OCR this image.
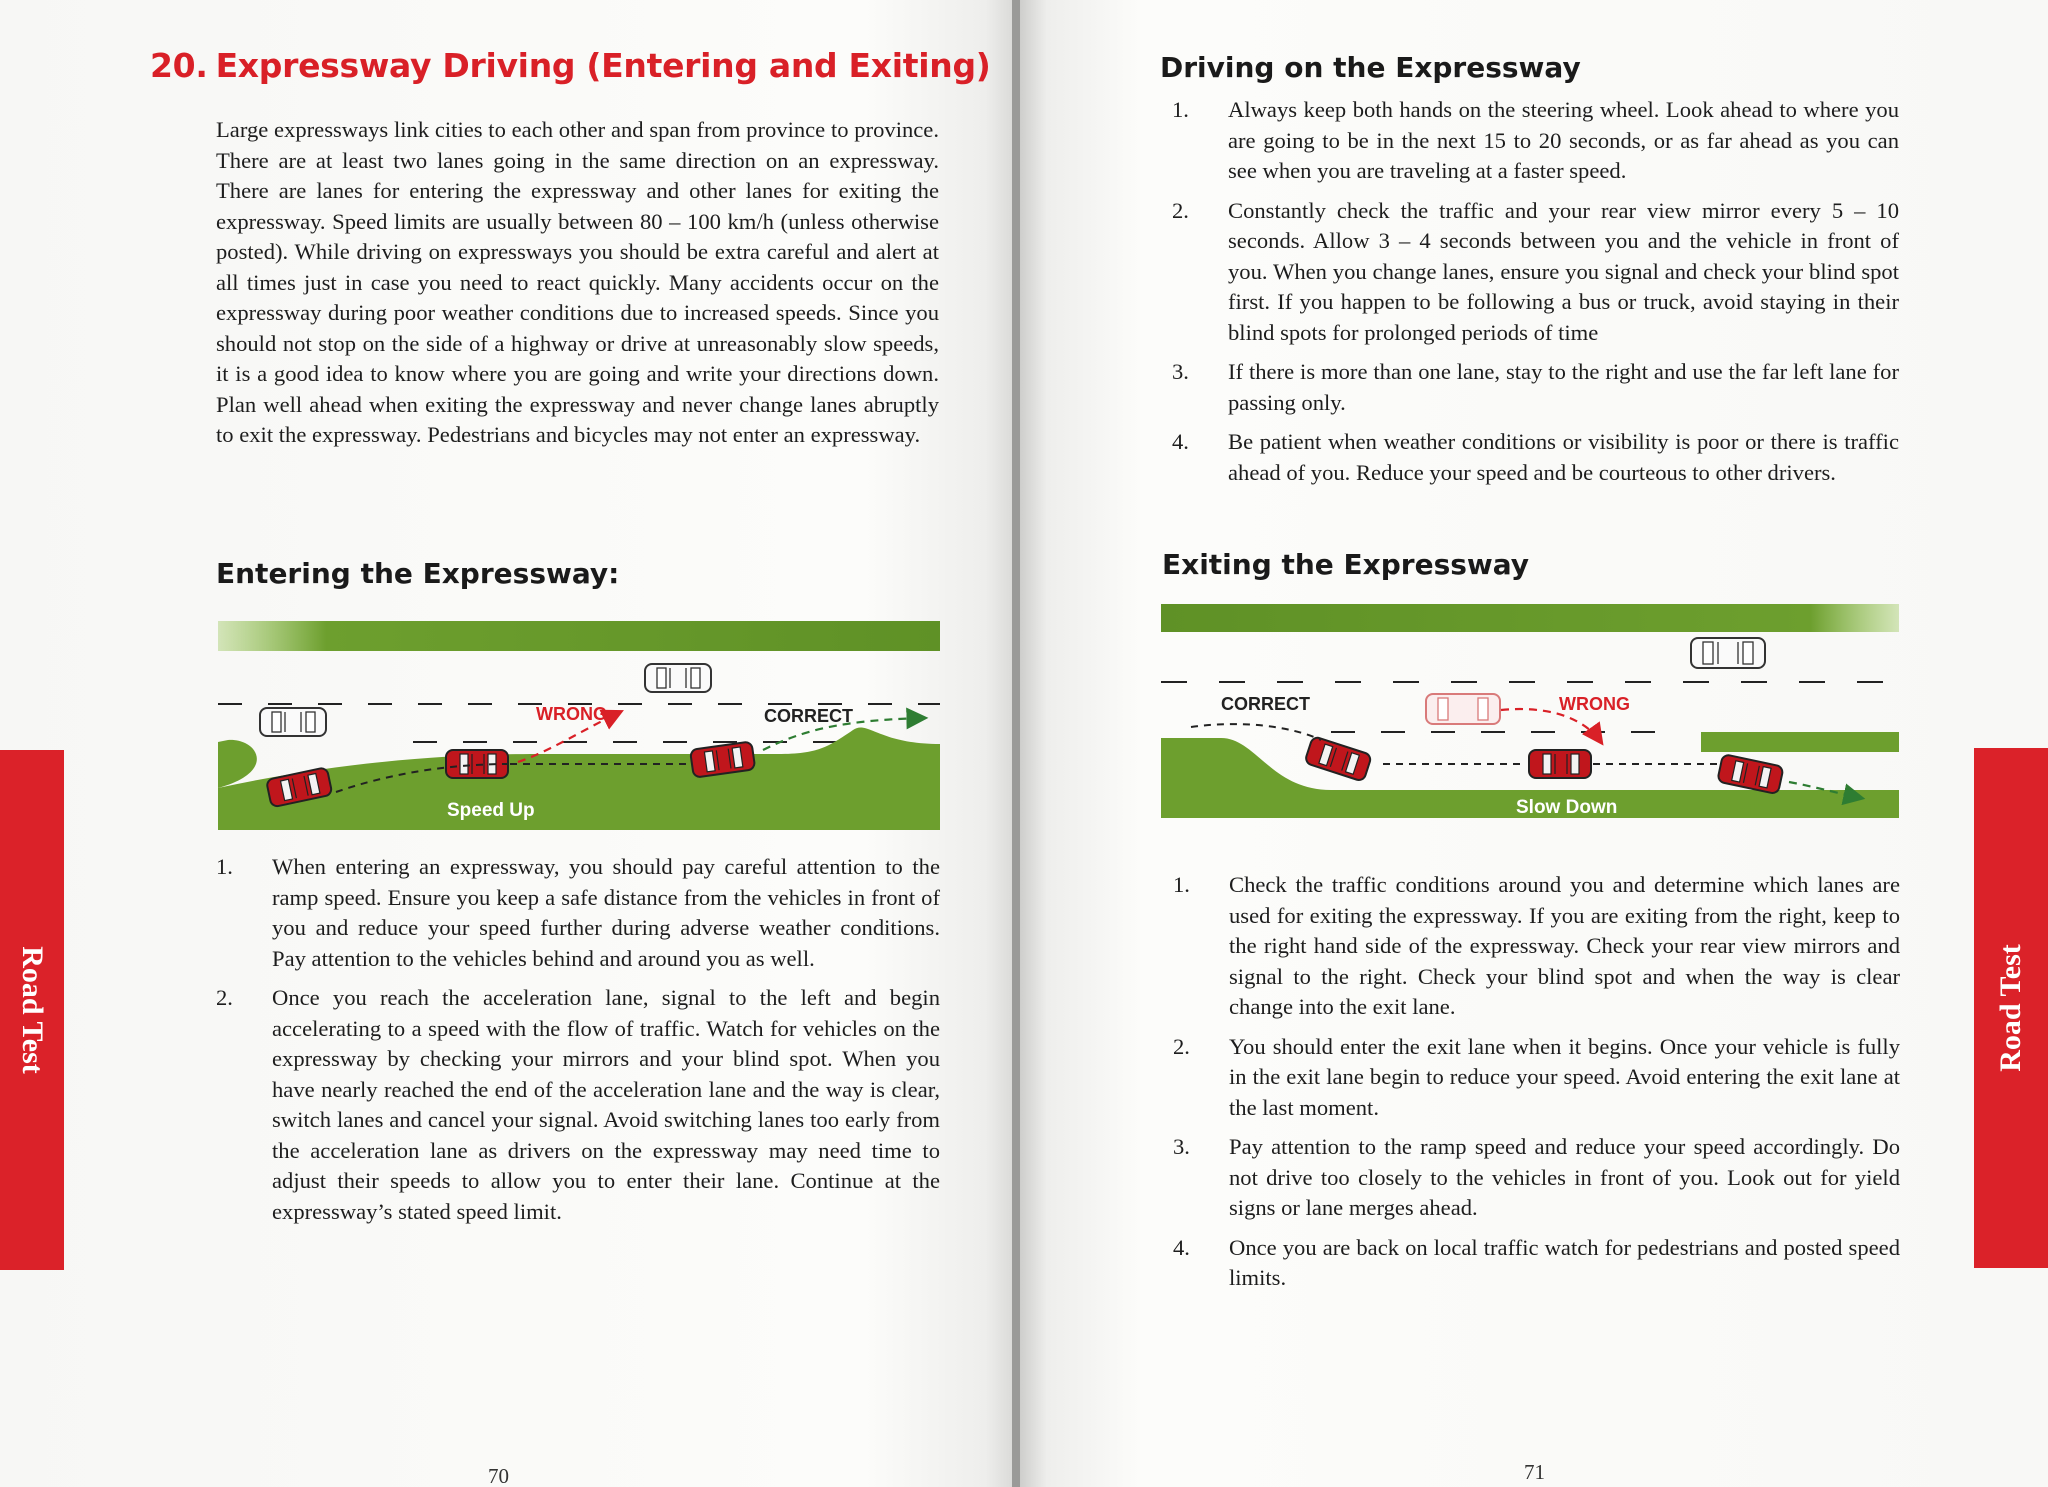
20. Expressway Driving (Entering and Exiting)

Large expressways link cities to each other and span from province to province. There are at least two lanes going in the same direction on an expressway. There are lanes for entering the expressway and other lanes for exiting the expressway. Speed limits are usually between 80 – 100 km/h (unless otherwise posted). While driving on expressways you should be extra careful and alert at all times just in case you need to react quickly. Many accidents occur on the expressway during poor weather conditions due to increased speeds. Since you should not stop on the side of a highway or drive at unreasonably slow speeds, it is a good idea to know where you are going and write your directions down. Plan well ahead when exiting the expressway and never change lanes abruptly to exit the expressway. Pedestrians and bicycles may not enter an expressway.

Entering the Expressway:
WRONG	CORRECT
Speed Up
1. When entering an expressway, you should pay careful attention to the ramp speed. Ensure you keep a safe distance from the vehicles in front of you and reduce your speed further during adverse weather conditions. Pay attention to the vehicles behind and around you as well.
2. Once you reach the acceleration lane, signal to the left and begin accelerating to a speed with the flow of traffic. Watch for vehicles on the expressway by checking your mirrors and your blind spot. When you have nearly reached the end of the acceleration lane and the way is clear, switch lanes and cancel your signal. Avoid switching lanes too early from the acceleration lane as drivers on the expressway may need time to adjust their speeds to allow you to enter their lane. Continue at the expressway’s stated speed limit.
70
Road Test
Driving on the Expressway
1. Always keep both hands on the steering wheel. Look ahead to where you are going to be in the next 15 to 20 seconds, or as far ahead as you can see when you are traveling at a faster speed.
2. Constantly check the traffic and your rear view mirror every 5 – 10 seconds. Allow 3 – 4 seconds between you and the vehicle in front of you. When you change lanes, ensure you signal and check your blind spot first. If you happen to be following a bus or truck, avoid staying in their blind spots for prolonged periods of time
3. If there is more than one lane, stay to the right and use the far left lane for passing only.
4. Be patient when weather conditions or visibility is poor or there is traffic ahead of you. Reduce your speed and be courteous to other drivers.
Exiting the Expressway
CORRECT	WRONG
Slow Down
1. Check the traffic conditions around you and determine which lanes are used for exiting the expressway. If you are exiting from the right, keep to the right hand side of the expressway. Check your rear view mirrors and signal to the right. Check your blind spot and when the way is clear change into the exit lane.
2. You should enter the exit lane when it begins. Once your vehicle is fully in the exit lane begin to reduce your speed. Avoid entering the exit lane at the last moment.
3. Pay attention to the ramp speed and reduce your speed accordingly. Do not drive too closely to the vehicles in front of you. Look out for yield signs or lane merges ahead.
4. Once you are back on local traffic watch for pedestrians and posted speed limits.
71
Road Test
